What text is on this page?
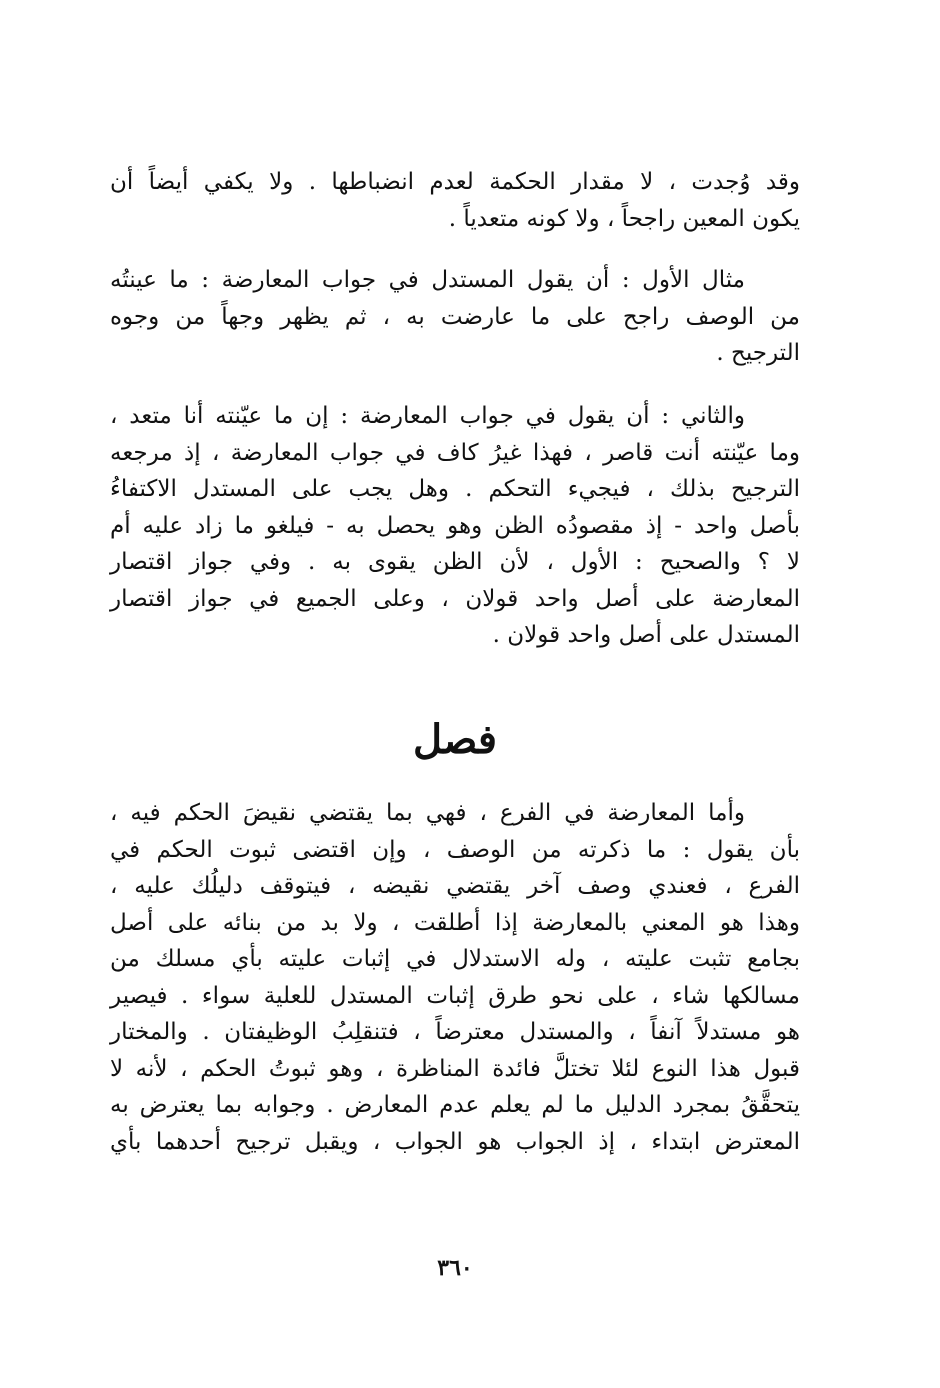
وقد وُجدت ، لا مقدار الحكمة لعدم انضباطها . ولا يكفي أيضاً أن
يكون المعين راجحاً ، ولا كونه متعدياً .
مثال الأول : أن يقول المستدل في جواب المعارضة : ما عينتُه
من الوصف راجح على ما عارضت به ، ثم يظهر وجهاً من وجوه
الترجيح .
والثاني : أن يقول في جواب المعارضة : إن ما عيّنته أنا متعد ،
وما عيّنته أنت قاصر ، فهذا غيرُ كاف في جواب المعارضة ، إذ مرجعه
الترجيح بذلك ، فيجيء التحكم . وهل يجب على المستدل الاكتفاءُ
بأصل واحد - إذ مقصودُه الظن وهو يحصل به - فيلغو ما زاد عليه أم
لا ؟ والصحيح : الأول ، لأن الظن يقوى به . وفي جواز اقتصار
المعارضة على أصل واحد قولان ، وعلى الجميع في جواز اقتصار
المستدل على أصل واحد قولان .
فصل
وأما المعارضة في الفرع ، فهي بما يقتضي نقيضَ الحكم فيه ،
بأن يقول : ما ذكرته من الوصف ، وإن اقتضى ثبوت الحكم في
الفرع ، فعندي وصف آخر يقتضي نقيضه ، فيتوقف دليلُك عليه ،
وهذا هو المعني بالمعارضة إذا أطلقت ، ولا بد من بنائه على أصل
بجامع تثبت عليته ، وله الاستدلال في إثبات عليته بأي مسلك من
مسالكها شاء ، على نحو طرق إثبات المستدل للعلية سواء . فيصير
هو مستدلاً آنفاً ، والمستدل معترضاً ، فتنقلِبُ الوظيفتان . والمختار
قبول هذا النوع لئلا تختلَّ فائدة المناظرة ، وهو ثبوتُ الحكم ، لأنه لا
يتحقَّقُ بمجرد الدليل ما لم يعلم عدم المعارض . وجوابه بما يعترض به
المعترض ابتداء ، إذ الجواب هو الجواب ، ويقبل ترجيح أحدهما بأي
٣٦٠
